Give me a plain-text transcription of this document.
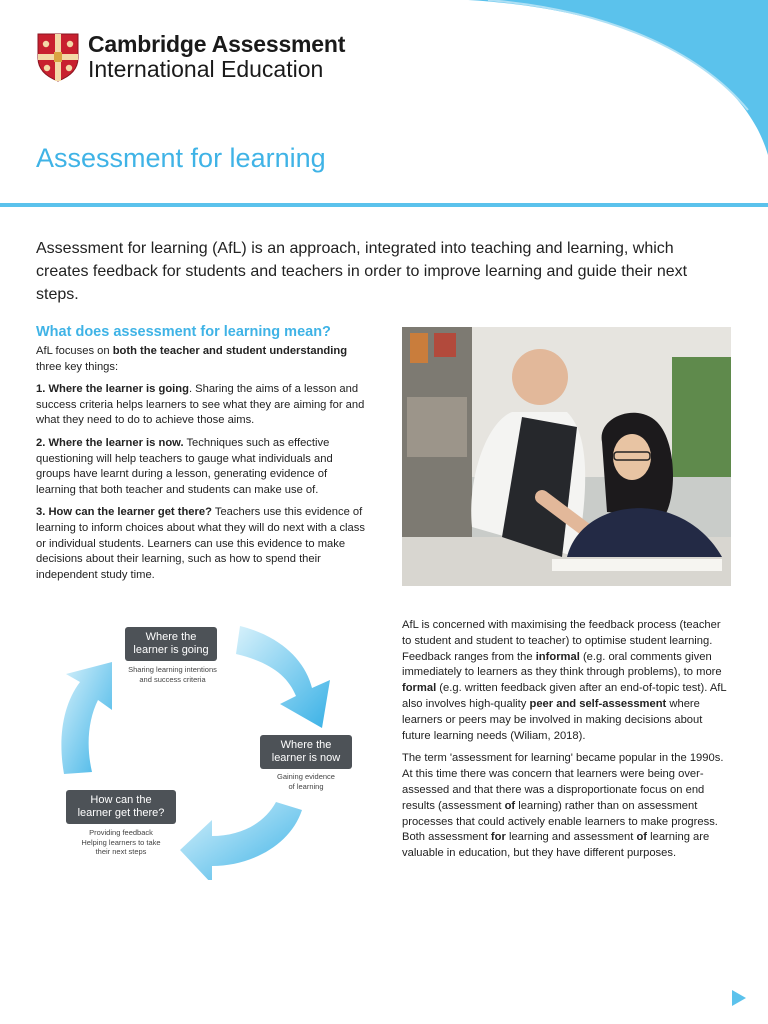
Cambridge Assessment
International Education
Assessment for learning

Assessment for learning (AfL) is an approach, integrated into teaching and learning, which creates feedback for students and teachers in order to improve learning and guide their next steps.

What does assessment for learning mean?

AfL focuses on both the teacher and student understanding three key things:

1. Where the learner is going. Sharing the aims of a lesson and success criteria helps learners to see what they are aiming for and what they need to do to achieve those aims.

2. Where the learner is now. Techniques such as effective questioning will help teachers to gauge what individuals and groups have learnt during a lesson, generating evidence of learning that both teacher and students can make use of.

3. How can the learner get there? Teachers use this evidence of learning to inform choices about what they will do next with a class or individual students. Learners can use this evidence to make decisions about their learning, such as how to spend their independent study time.

Where the
learner is going
Sharing learning intentions
and success criteria
Where the
learner is now
Gaining evidence
of learning
How can the
learner get there?
Providing feedback
Helping learners to take
their next steps

AfL is concerned with maximising the feedback process (teacher to student and student to teacher) to optimise student learning. Feedback ranges from the informal (e.g. oral comments given immediately to learners as they think through problems), to more formal (e.g. written feedback given after an end-of-topic test). AfL also involves high-quality peer and self-assessment where learners or peers may be involved in making decisions about future learning needs (Wiliam, 2018).

The term 'assessment for learning' became popular in the 1990s. At this time there was concern that learners were being over-assessed and that there was a disproportionate focus on end results (assessment of learning) rather than on assessment processes that could actively enable learners to make progress. Both assessment for learning and assessment of learning are valuable in education, but they have different purposes.
